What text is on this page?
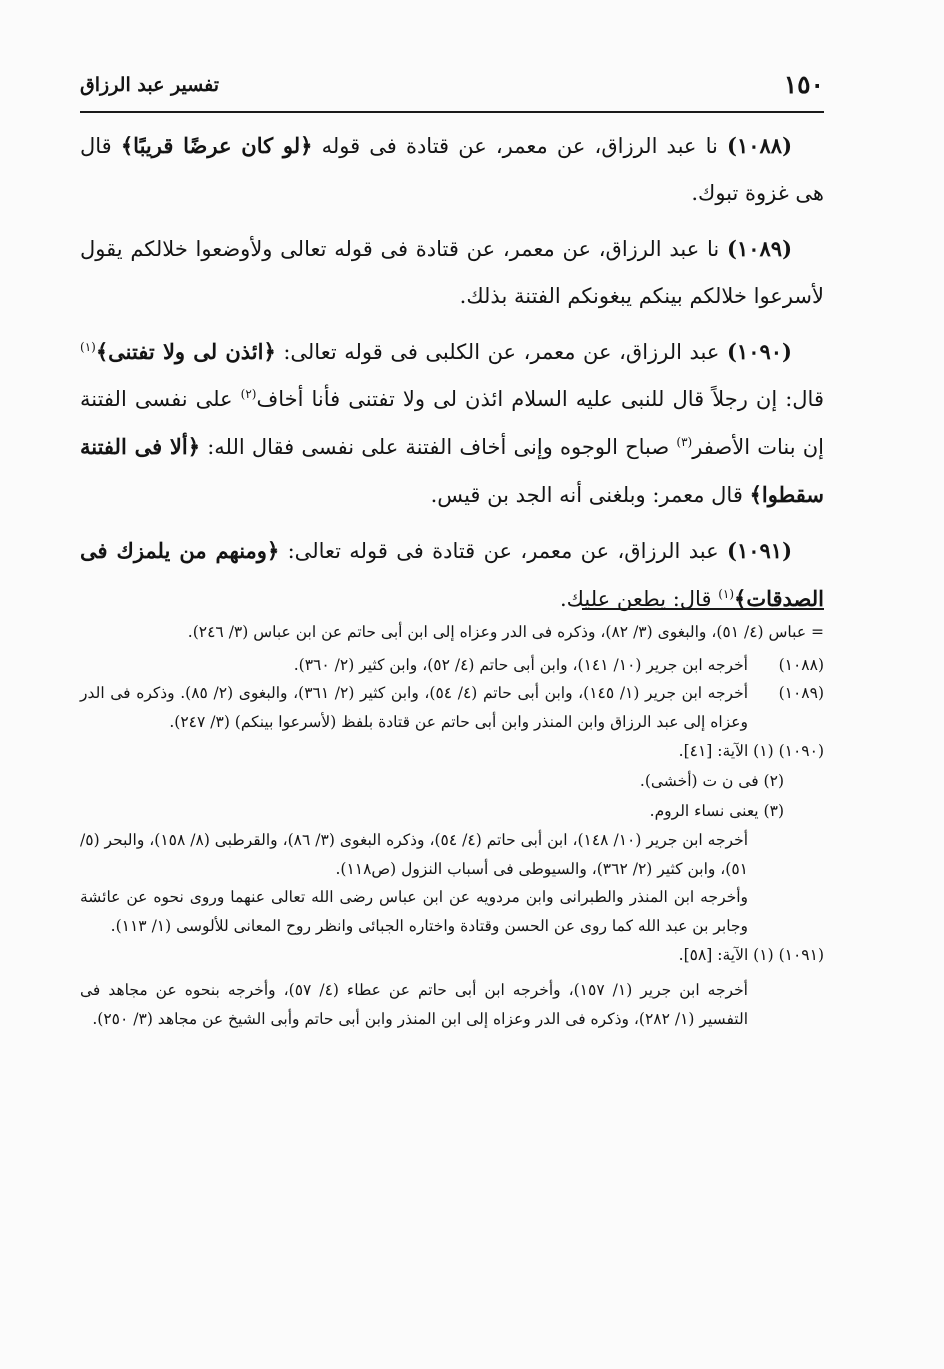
١٥٠
تفسير عبد الرزاق

(١٠٨٨) نا عبد الرزاق، عن معمر، عن قتادة فى قوله ﴿لو كان عرضًا قريبًا﴾ قال هى غزوة تبوك.

(١٠٨٩) نا عبد الرزاق، عن معمر، عن قتادة فى قوله تعالى ولأوضعوا خلالكم يقول لأسرعوا خلالكم بينكم يبغونكم الفتنة بذلك.

(١٠٩٠) عبد الرزاق، عن معمر، عن الكلبى فى قوله تعالى: ﴿ائذن لى ولا تفتنى﴾$^{(١)}$ قال: إن رجلاً قال للنبى عليه السلام ائذن لى ولا تفتنى فأنا أخاف$^{(٢)}$ على نفسى الفتنة إن بنات الأصفر$^{(٣)}$ صباح الوجوه وإنى أخاف الفتنة على نفسى فقال الله: ﴿ألا فى الفتنة سقطوا﴾ قال معمر: وبلغنى أنه الجد بن قيس.

(١٠٩١) عبد الرزاق، عن معمر، عن قتادة فى قوله تعالى: ﴿ومنهم من يلمزك فى الصدقات﴾$^{(١)}$ قال: يطعن عليك.

= عباس (٤/ ٥١)، والبغوى (٣/ ٨٢)، وذكره فى الدر وعزاه إلى ابن أبى حاتم عن ابن عباس (٣/ ٢٤٦).
(١٠٨٨)
أخرجه ابن جرير (١٠/ ١٤١)، وابن أبى حاتم (٤/ ٥٢)، وابن كثير (٢/ ٣٦٠).
(١٠٨٩)
أخرجه ابن جرير (١/ ١٤٥)، وابن أبى حاتم (٤/ ٥٤)، وابن كثير (٢/ ٣٦١)، والبغوى (٢/ ٨٥). وذكره فى الدر وعزاه إلى عبد الرزاق وابن المنذر وابن أبى حاتم عن قتادة بلفظ (لأسرعوا بينكم) (٣/ ٢٤٧).
(١٠٩٠) (١) الآية: [٤١].
(٢) فى ن ت (أخشى).
(٣) يعنى نساء الروم.
أخرجه ابن جرير (١٠/ ١٤٨)، ابن أبى حاتم (٤/ ٥٤)، وذكره البغوى (٣/ ٨٦)، والقرطبى (٨/ ١٥٨)، والبحر (٥/ ٥١)، وابن كثير (٢/ ٣٦٢)، والسيوطى فى أسباب النزول (ص١١٨).
وأخرجه ابن المنذر والطبرانى وابن مردويه عن ابن عباس رضى الله تعالى عنهما وروى نحوه عن عائشة وجابر بن عبد الله كما روى عن الحسن وقتادة واختاره الجبائى وانظر روح المعانى للألوسى (١/ ١١٣).
(١٠٩١) (١) الآية: [٥٨].
أخرجه ابن جرير (١/ ١٥٧)، وأخرجه ابن أبى حاتم عن عطاء (٤/ ٥٧)، وأخرجه بنحوه عن مجاهد فى التفسير (١/ ٢٨٢)، وذكره فى الدر وعزاه إلى ابن المنذر وابن أبى حاتم وأبى الشيخ عن مجاهد (٣/ ٢٥٠).
